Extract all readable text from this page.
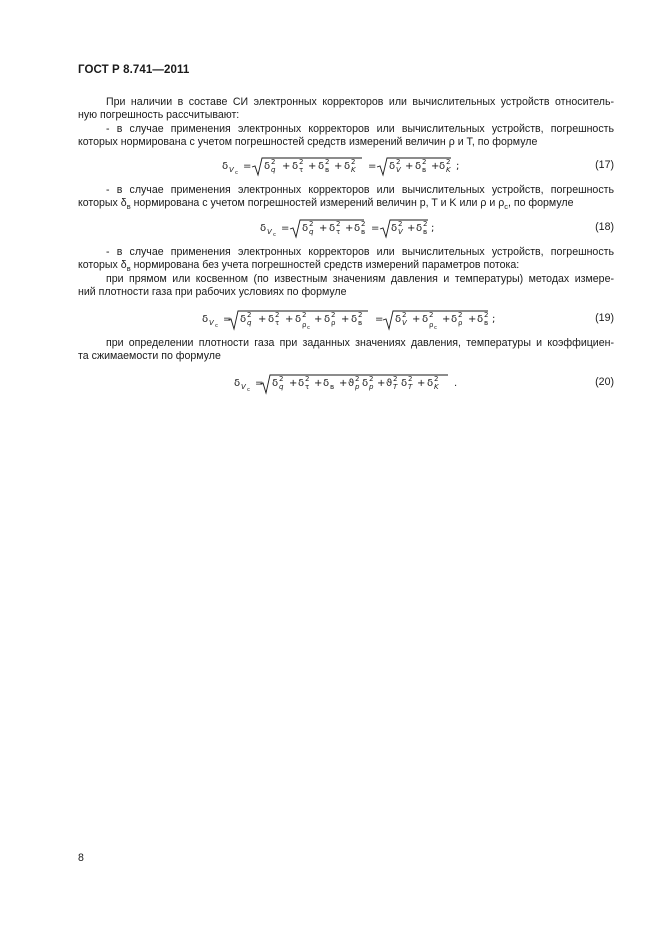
ГОСТ Р 8.741—2011
При наличии в составе СИ электронных корректоров или вычислительных устройств относитель-
ную погрешность рассчитывают:
- в случае применения электронных корректоров или вычислительных устройств, погрешность
которых нормирована с учетом погрешностей средств измерений величин ρ и T, по формуле
δ V с
= δ q
2 + δ τ
2 + δ в
2 + δ K
2 = δ V
2 + δ в
2 + δ K
2 ;	(17)
- в случае применения электронных корректоров или вычислительных устройств, погрешность
которых $\delta_в$ нормирована с учетом погрешностей измерений величин p, T и K или ρ и $\rho_с$, по формуле
δ V с
= δ q
2 + δ τ
2 + δ в
2 = δ V
2 + δ в
2 ;	(18)
- в случае применения электронных корректоров или вычислительных устройств, погрешность
которых $\delta_в$ нормирована без учета погрешностей средств измерений параметров потока:
при прямом или косвенном (по известным значениям давления и температуры) методах измере-
ний плотности газа при рабочих условиях по формуле
δ V с
= δ q
2 + δ τ
2 + δ ρ с
2 + δ ρ
2 + δ в
2 = δ V
2 + δ ρ с
2 + δ ρ
2 + δ в
2 ;	(19)
при определении плотности газа при заданных значениях давления, температуры и коэффициен-
та сжимаемости по формуле
δ V с
= δ q
2 + δ τ
2 + δ в + ϑ p
2 δ p
2 + ϑ T
2 δ T
2 + δ K
2 .	(20)
8
